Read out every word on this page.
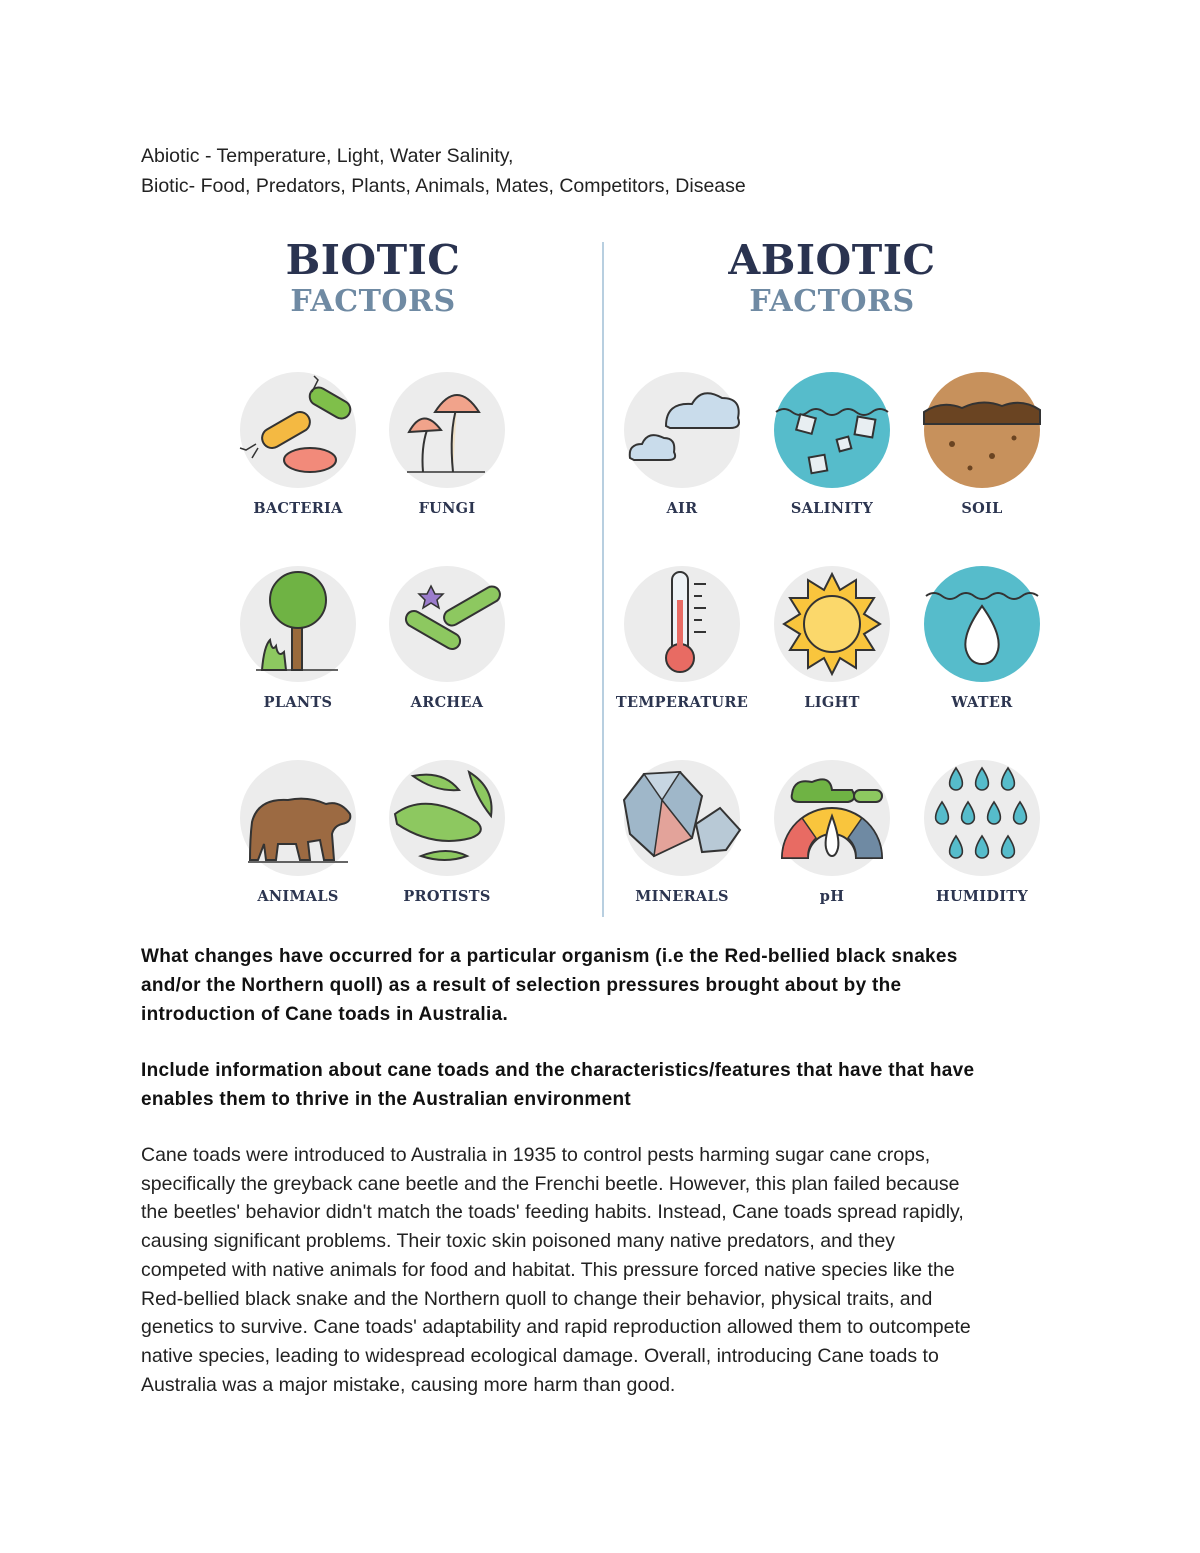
Abiotic - Temperature, Light, Water Salinity,
Biotic- Food, Predators, Plants, Animals, Mates, Competitors, Disease
BIOTIC
FACTORS
ABIOTIC
FACTORS
BACTERIA	FUNGI
PLANTS	ARCHEA
ANIMALS	PROTISTS
AIR	SALINITY	SOIL
TEMPERATURE	LIGHT	WATER
MINERALS	pH	HUMIDITY
What changes have occurred for a particular organism (i.e the Red-bellied black snakes
and/or the Northern quoll) as a result of selection pressures brought about by the
introduction of Cane toads in Australia.
Include information about cane toads and the characteristics/features that have that have
enables them to thrive in the Australian environment
Cane toads were introduced to Australia in 1935 to control pests harming sugar cane crops,
specifically the greyback cane beetle and the Frenchi beetle. However, this plan failed because
the beetles' behavior didn't match the toads' feeding habits. Instead, Cane toads spread rapidly,
causing significant problems. Their toxic skin poisoned many native predators, and they
competed with native animals for food and habitat. This pressure forced native species like the
Red-bellied black snake and the Northern quoll to change their behavior, physical traits, and
genetics to survive. Cane toads' adaptability and rapid reproduction allowed them to outcompete
native species, leading to widespread ecological damage. Overall, introducing Cane toads to
Australia was a major mistake, causing more harm than good.
